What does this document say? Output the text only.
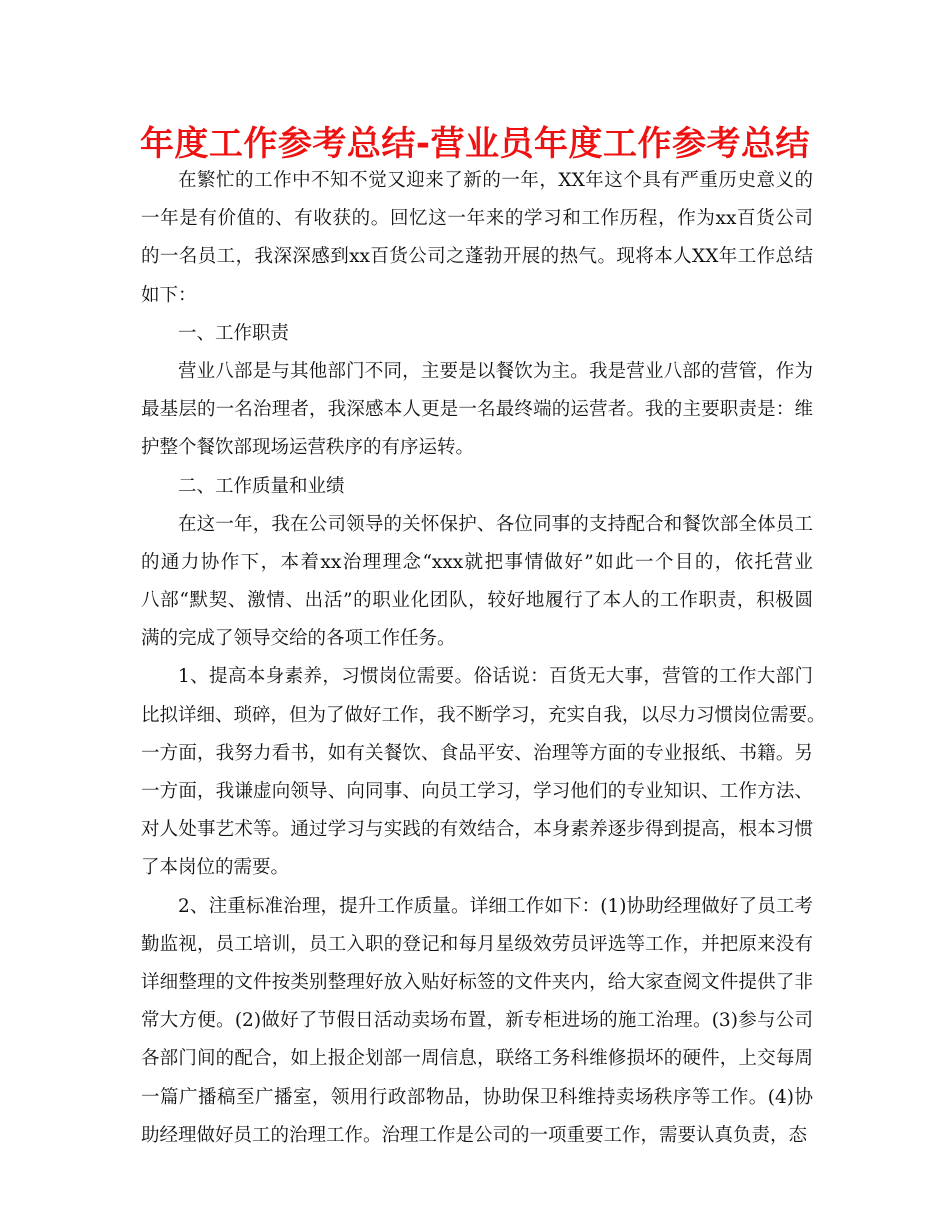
年度工作参考总结-营业员年度工作参考总结
在繁忙的工作中不知不觉又迎来了新的一年，XX年这个具有严重历史意义的
一年是有价值的、有收获的。回忆这一年来的学习和工作历程，作为xx百货公司
的一名员工，我深深感到xx百货公司之蓬勃开展的热气。现将本人XX年工作总结
如下：
一、工作职责
营业八部是与其他部门不同，主要是以餐饮为主。我是营业八部的营管，作为
最基层的一名治理者，我深感本人更是一名最终端的运营者。我的主要职责是：维
护整个餐饮部现场运营秩序的有序运转。
二、工作质量和业绩
在这一年，我在公司领导的关怀保护、各位同事的支持配合和餐饮部全体员工
的通力协作下，本着xx治理理念“xxx就把事情做好”如此一个目的，依托营业
八部“默契、激情、出活”的职业化团队，较好地履行了本人的工作职责，积极圆
满的完成了领导交给的各项工作任务。
1、提高本身素养，习惯岗位需要。俗话说：百货无大事，营管的工作大部门
比拟详细、琐碎，但为了做好工作，我不断学习，充实自我，以尽力习惯岗位需要。
一方面，我努力看书，如有关餐饮、食品平安、治理等方面的专业报纸、书籍。另
一方面，我谦虚向领导、向同事、向员工学习，学习他们的专业知识、工作方法、
对人处事艺术等。通过学习与实践的有效结合，本身素养逐步得到提高，根本习惯
了本岗位的需要。
2、注重标准治理，提升工作质量。详细工作如下：(1)协助经理做好了员工考
勤监视，员工培训，员工入职的登记和每月星级效劳员评选等工作，并把原来没有
详细整理的文件按类别整理好放入贴好标签的文件夹内，给大家查阅文件提供了非
常大方便。(2)做好了节假日活动卖场布置，新专柜进场的施工治理。(3)参与公司
各部门间的配合，如上报企划部一周信息，联络工务科维修损坏的硬件，上交每周
一篇广播稿至广播室，领用行政部物品，协助保卫科维持卖场秩序等工作。(4)协
助经理做好员工的治理工作。治理工作是公司的一项重要工作，需要认真负责，态
